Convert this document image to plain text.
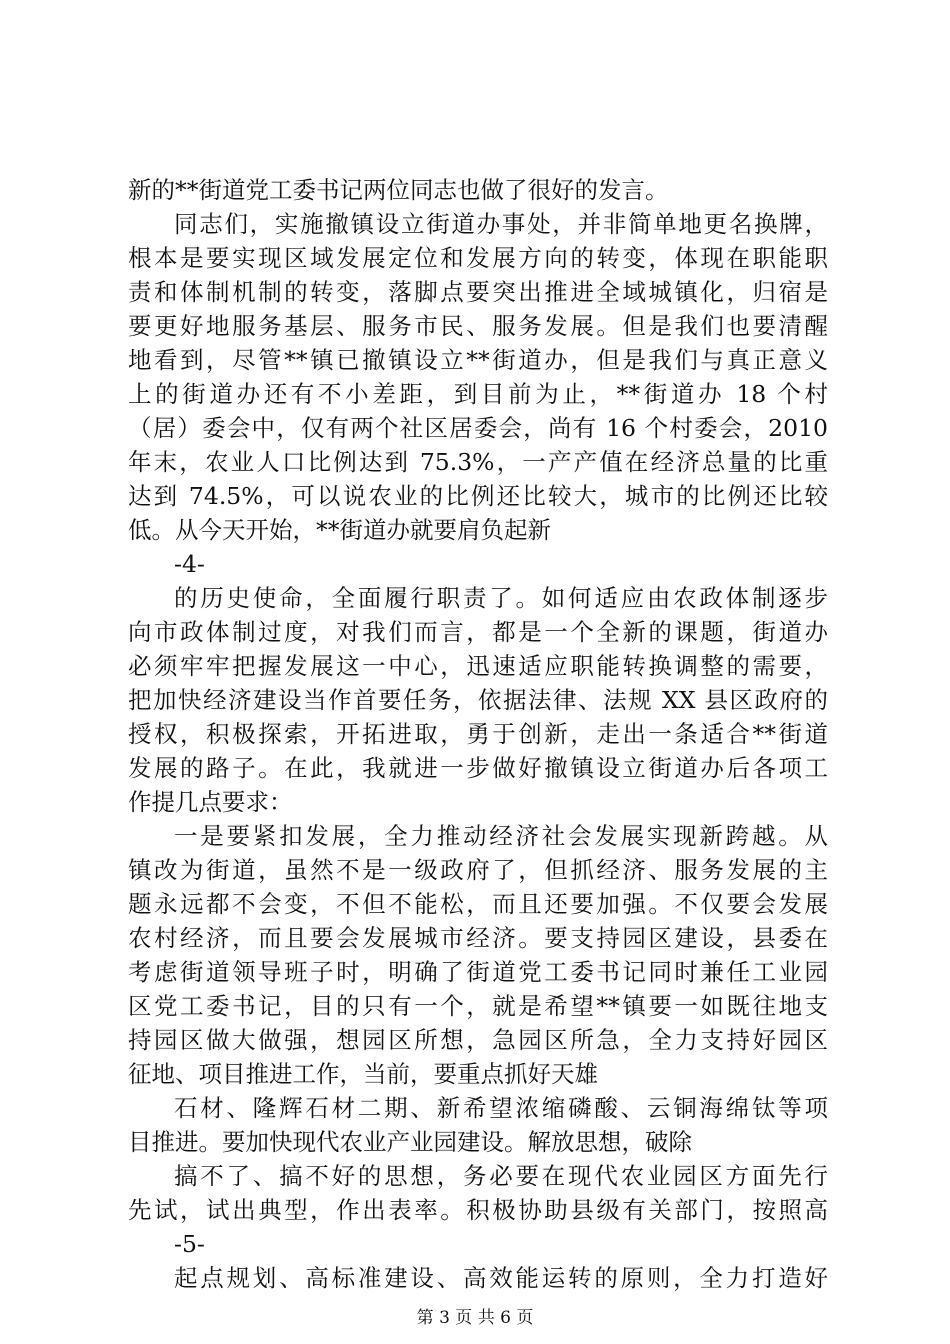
新的**街道党工委书记两位同志也做了很好的发言。
同志们，实施撤镇设立街道办事处，并非简单地更名换牌，
根本是要实现区域发展定位和发展方向的转变，体现在职能职
责和体制机制的转变，落脚点要突出推进全域城镇化，归宿是
要更好地服务基层、服务市民、服务发展。但是我们也要清醒
地看到，尽管**镇已撤镇设立**街道办，但是我们与真正意义
上的街道办还有不小差距，到目前为止，**街道办 18 个村
（居）委会中，仅有两个社区居委会，尚有 16 个村委会，2010
年末，农业人口比例达到 75.3%，一产产值在经济总量的比重
达到 74.5%，可以说农业的比例还比较大，城市的比例还比较
低。从今天开始，**街道办就要肩负起新
-4-
的历史使命，全面履行职责了。如何适应由农政体制逐步
向市政体制过度，对我们而言，都是一个全新的课题，街道办
必须牢牢把握发展这一中心，迅速适应职能转换调整的需要，
把加快经济建设当作首要任务，依据法律、法规 XX 县区政府的
授权，积极探索，开拓进取，勇于创新，走出一条适合**街道
发展的路子。在此，我就进一步做好撤镇设立街道办后各项工
作提几点要求：
一是要紧扣发展，全力推动经济社会发展实现新跨越。从
镇改为街道，虽然不是一级政府了，但抓经济、服务发展的主
题永远都不会变，不但不能松，而且还要加强。不仅要会发展
农村经济，而且要会发展城市经济。要支持园区建设，县委在
考虑街道领导班子时，明确了街道党工委书记同时兼任工业园
区党工委书记，目的只有一个，就是希望**镇要一如既往地支
持园区做大做强，想园区所想，急园区所急，全力支持好园区
征地、项目推进工作，当前，要重点抓好天雄
石材、隆辉石材二期、新希望浓缩磷酸、云铜海绵钛等项
目推进。要加快现代农业产业园建设。解放思想，破除
搞不了、搞不好的思想，务必要在现代农业园区方面先行
先试，试出典型，作出表率。积极协助县级有关部门，按照高
-5-
起点规划、高标准建设、高效能运转的原则，全力打造好
第 3 页 共 6 页
